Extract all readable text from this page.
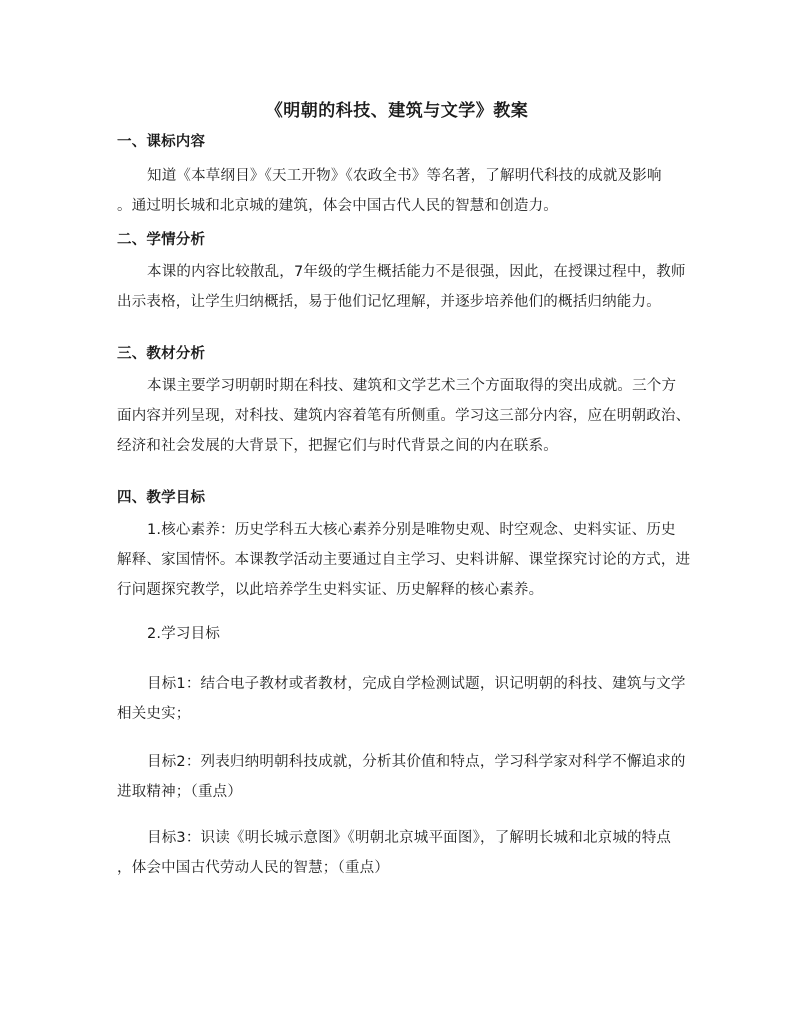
《明朝的科技、建筑与文学》教案
一、课标内容
知道《本草纲目》《天工开物》《农政全书》等名著，了解明代科技的成就及影响
。通过明长城和北京城的建筑，体会中国古代人民的智慧和创造力。
二、学情分析
本课的内容比较散乱，7年级的学生概括能力不是很强，因此，在授课过程中，教师
出示表格，让学生归纳概括，易于他们记忆理解，并逐步培养他们的概括归纳能力。
三、教材分析
本课主要学习明朝时期在科技、建筑和文学艺术三个方面取得的突出成就。三个方
面内容并列呈现，对科技、建筑内容着笔有所侧重。学习这三部分内容，应在明朝政治、
经济和社会发展的大背景下，把握它们与时代背景之间的内在联系。
四、教学目标
1.核心素养：历史学科五大核心素养分别是唯物史观、时空观念、史料实证、历史
解释、家国情怀。本课教学活动主要通过自主学习、史料讲解、课堂探究讨论的方式，进
行问题探究教学，以此培养学生史料实证、历史解释的核心素养。
2.学习目标
目标1：结合电子教材或者教材，完成自学检测试题，识记明朝的科技、建筑与文学
相关史实；
目标2：列表归纳明朝科技成就，分析其价值和特点，学习科学家对科学不懈追求的
进取精神；（重点）
目标3：识读《明长城示意图》《明朝北京城平面图》，了解明长城和北京城的特点
，体会中国古代劳动人民的智慧；（重点）
